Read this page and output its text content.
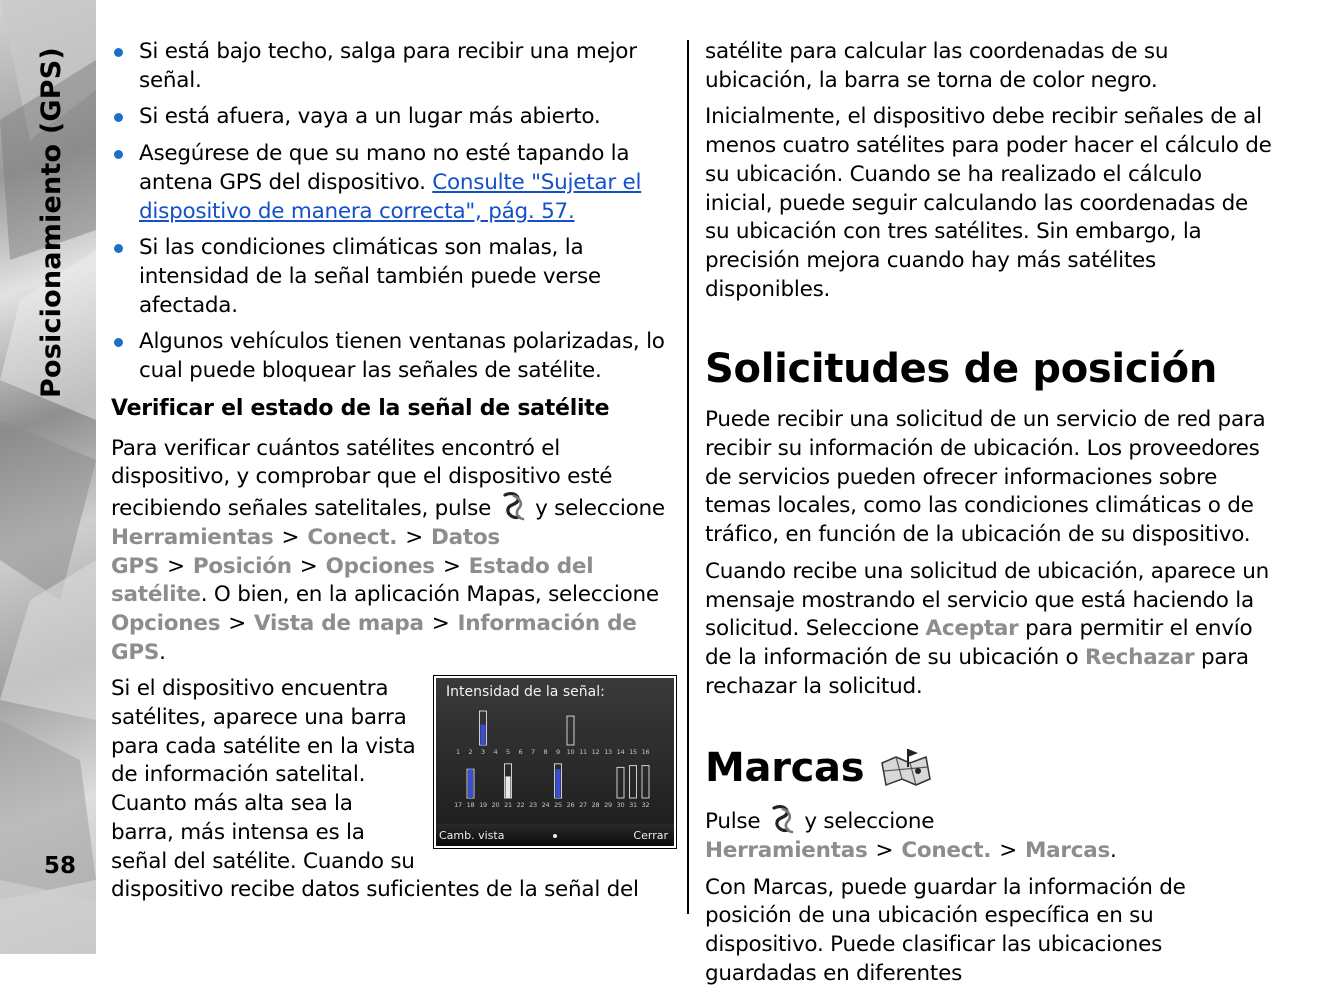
Posicionamiento (GPS)
58
Si está bajo techo, salga para recibir una mejor señal.
Si está afuera, vaya a un lugar más abierto.
Asegúrese de que su mano no esté tapando la antena GPS del dispositivo. Consulte "Sujetar el dispositivo de manera correcta", pág. 57.
Si las condiciones climáticas son malas, la intensidad de la señal también puede verse afectada.
Algunos vehículos tienen ventanas polarizadas, lo cual puede bloquear las señales de satélite.
Verificar el estado de la señal de satélite

Para verificar cuántos satélites encontró el dispositivo, y comprobar que el dispositivo esté recibiendo señales satelitales, pulse y seleccione Herramientas > Conect. > Datos GPS > Posición > Opciones > Estado del satélite. O bien, en la aplicación Mapas, seleccione Opciones > Vista de mapa > Información de GPS.

Intensidad de la señal:
1 2 3 4 5 6 7 8 9 10 11 12 13 14 15 16
17 18 19 20 21 22 23 24 25 26 27 28 29 30 31 32
Camb. vista	Cerrar

Si el dispositivo encuentra satélites, aparece una barra para cada satélite en la vista de información satelital. Cuanto más alta sea la barra, más intensa es la señal del satélite. Cuando su dispositivo recibe datos suficientes de la señal del

satélite para calcular las coordenadas de su ubicación, la barra se torna de color negro.

Inicialmente, el dispositivo debe recibir señales de al menos cuatro satélites para poder hacer el cálculo de su ubicación. Cuando se ha realizado el cálculo inicial, puede seguir calculando las coordenadas de su ubicación con tres satélites. Sin embargo, la precisión mejora cuando hay más satélites disponibles.

Solicitudes de posición

Puede recibir una solicitud de un servicio de red para recibir su información de ubicación. Los proveedores de servicios pueden ofrecer informaciones sobre temas locales, como las condiciones climáticas o de tráfico, en función de la ubicación de su dispositivo.

Cuando recibe una solicitud de ubicación, aparece un mensaje mostrando el servicio que está haciendo la solicitud. Seleccione Aceptar para permitir el envío de la información de su ubicación o Rechazar para rechazar la solicitud.

Marcas

Pulse y seleccione Herramientas > Conect. > Marcas.

Con Marcas, puede guardar la información de posición de una ubicación específica en su dispositivo. Puede clasificar las ubicaciones guardadas en diferentes
